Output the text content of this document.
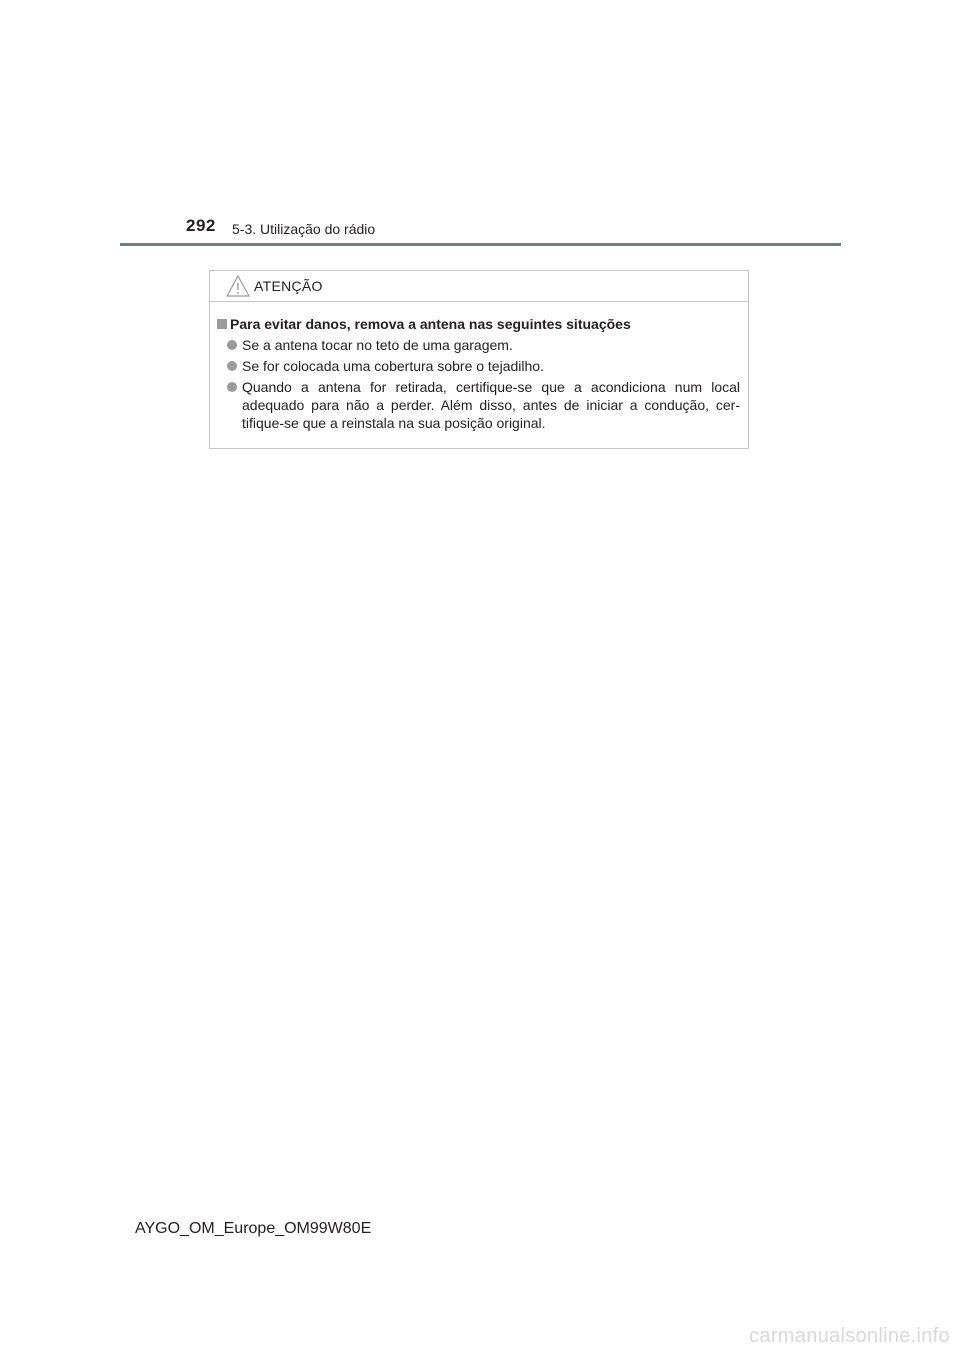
292 5-3. Utilização do rádio
ATENÇÃO
Para evitar danos, remova a antena nas seguintes situações
Se a antena tocar no teto de uma garagem.
Se for colocada uma cobertura sobre o tejadilho.
Quando a antena for retirada, certifique-se que a acondiciona num local adequado para não a perder. Além disso, antes de iniciar a condução, cer-tifique-se que a reinstala na sua posição original.
AYGO_OM_Europe_OM99W80E
carmanualsonline.info
